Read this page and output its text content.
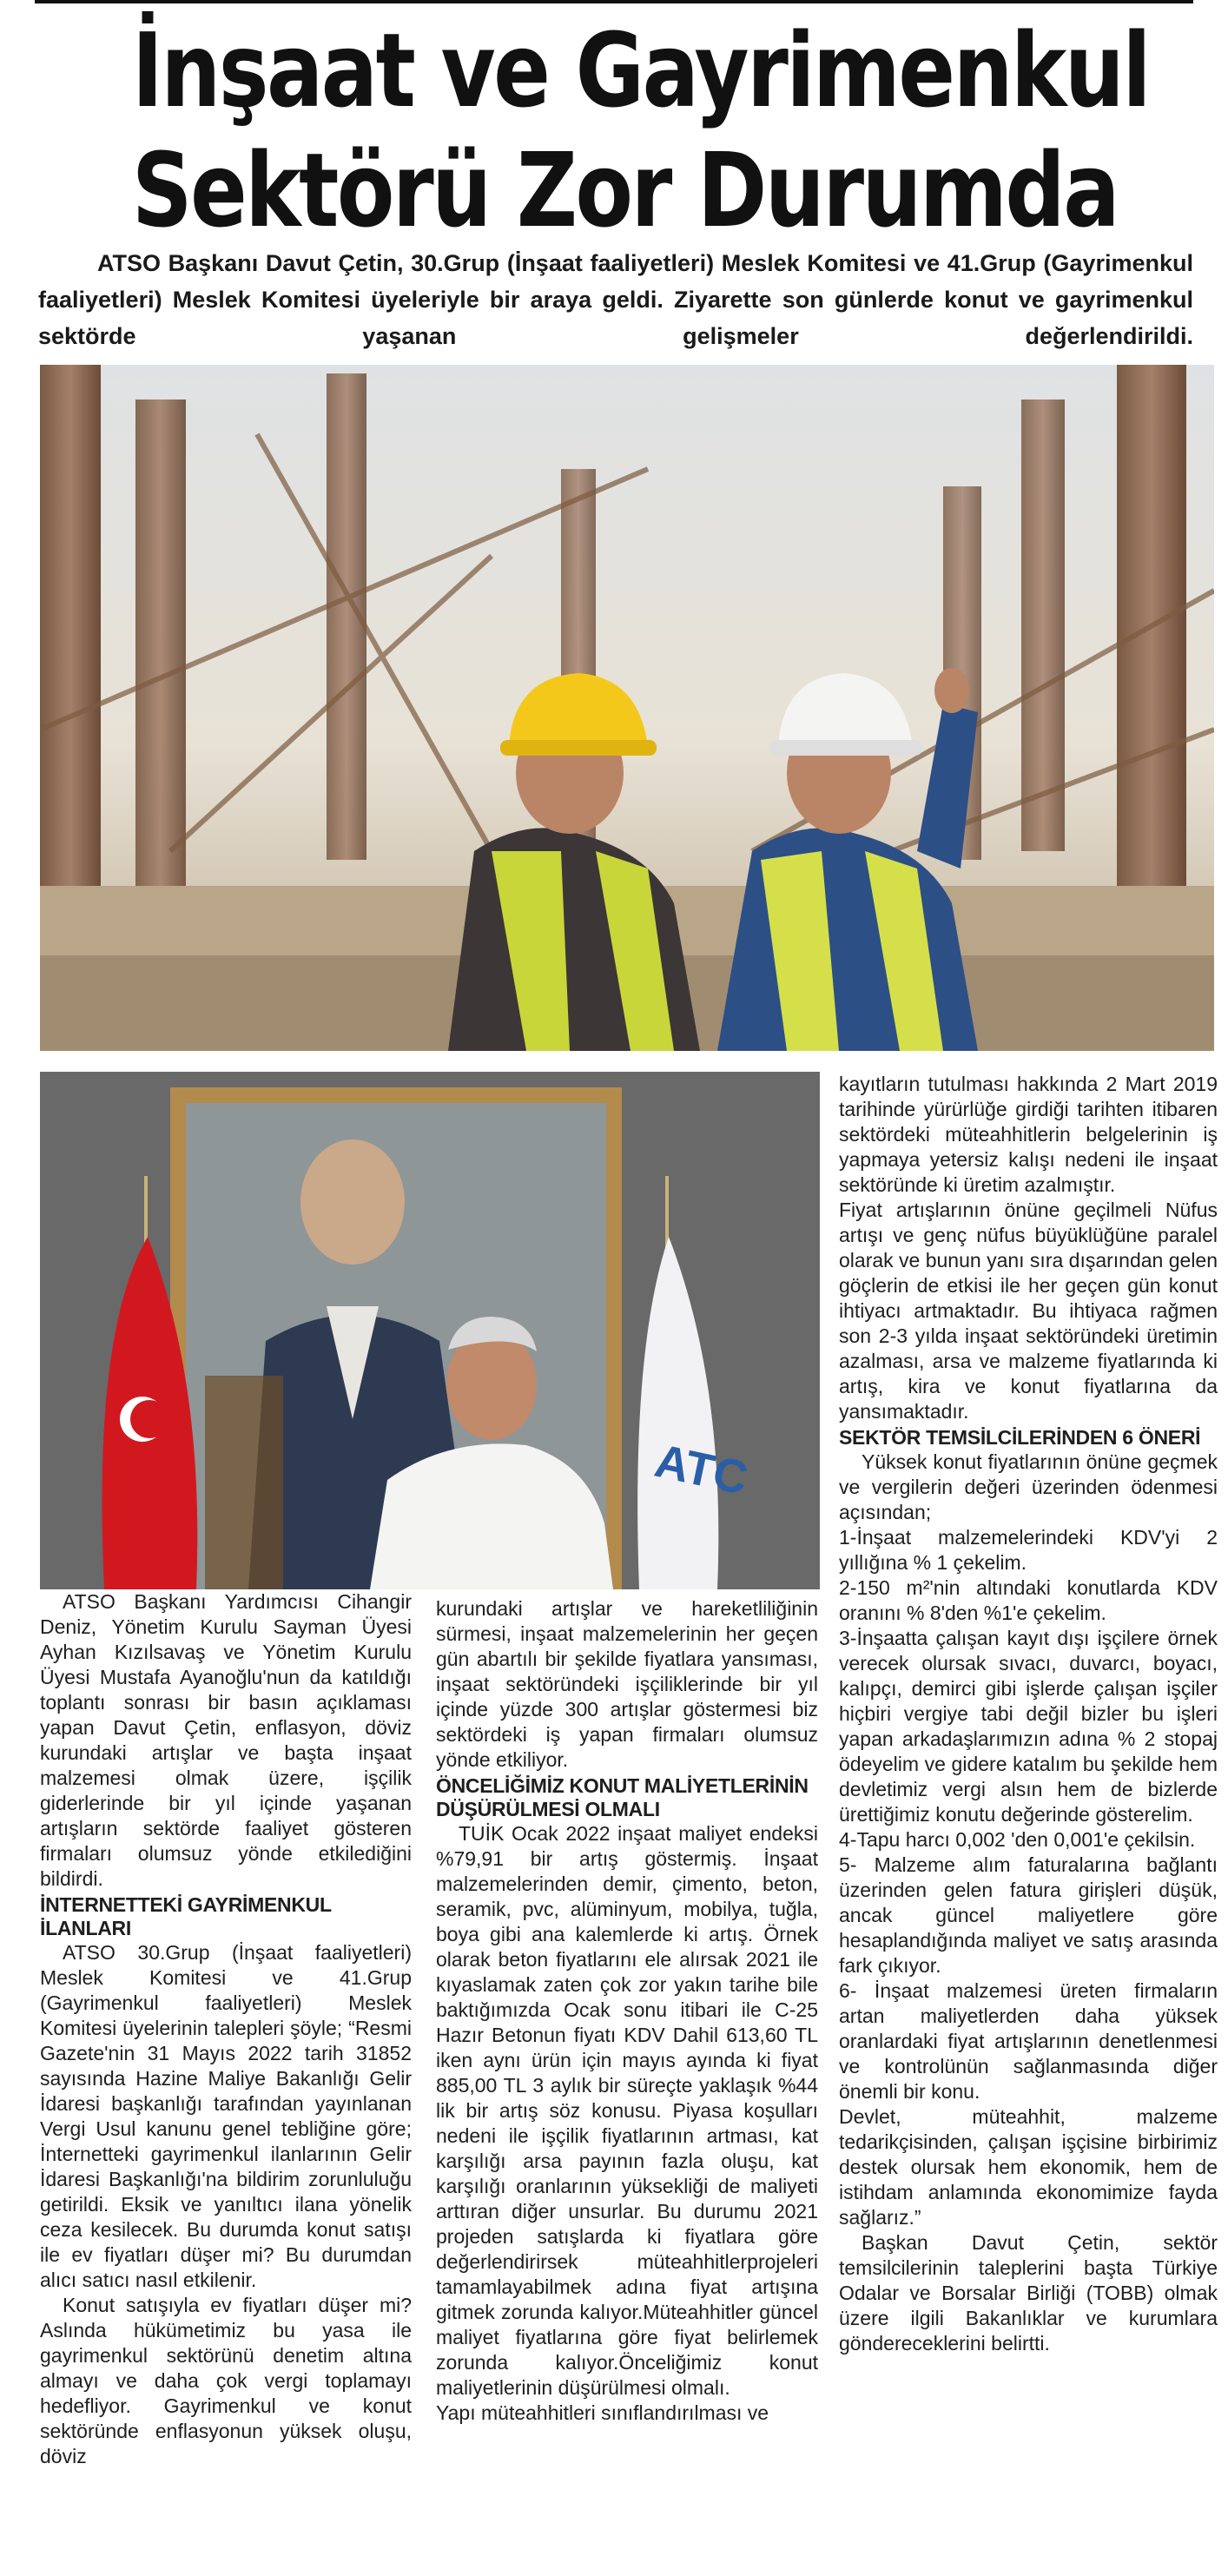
İnşaat ve Gayrimenkul
Sektörü Zor Durumda

ATSO Başkanı Davut Çetin, 30.Grup (İnşaat faaliyetleri) Meslek Komitesi ve 41.Grup (Gayrimenkul faaliyetleri) Meslek Komitesi üyeleriyle bir araya geldi. Ziyarette son günlerde konut ve gayrimenkul sektörde yaşanan gelişmeler değerlendirildi.

ATC

ATSO Başkanı Yardımcısı Cihangir Deniz, Yönetim Kurulu Sayman Üyesi Ayhan Kızılsavaş ve Yönetim Kurulu Üyesi Mustafa Ayanoğlu'nun da katıldığı toplantı sonrası bir basın açıklaması yapan Davut Çetin, enflasyon, döviz kurundaki artışlar ve başta inşaat malzemesi olmak üzere, işçilik giderlerinde bir yıl içinde yaşanan artışların sektörde faaliyet gösteren firmaları olumsuz yönde etkilediğini bildirdi.

İNTERNETTEKİ GAYRİMENKUL İLANLARI

ATSO 30.Grup (İnşaat faaliyetleri) Meslek Komitesi ve 41.Grup (Gayrimenkul faaliyetleri) Meslek Komitesi üyelerinin talepleri şöyle; “Resmi Gazete'nin 31 Mayıs 2022 tarih 31852 sayısında Hazine Maliye Bakanlığı Gelir İdaresi başkanlığı tarafından yayınlanan Vergi Usul kanunu genel tebliğine göre; İnternetteki gayrimenkul ilanlarının Gelir İdaresi Başkanlığı'na bildirim zorunluluğu getirildi. Eksik ve yanıltıcı ilana yönelik ceza kesilecek. Bu durumda konut satışı ile ev fiyatları düşer mi? Bu durumdan alıcı satıcı nasıl etkilenir.

Konut satışıyla ev fiyatları düşer mi? Aslında hükümetimiz bu yasa ile gayrimenkul sektörünü denetim altına almayı ve daha çok vergi toplamayı hedefliyor. Gayrimenkul ve konut sektöründe enflasyonun yüksek oluşu, döviz

kurundaki artışlar ve hareketliliğinin sürmesi, inşaat malzemelerinin her geçen gün abartılı bir şekilde fiyatlara yansıması, inşaat sektöründeki işçiliklerinde bir yıl içinde yüzde 300 artışlar göstermesi biz sektördeki iş yapan firmaları olumsuz yönde etkiliyor.

ÖNCELİĞİMİZ KONUT MALİYETLERİNİN DÜŞÜRÜLMESİ OLMALI

TUİK Ocak 2022 inşaat maliyet endeksi %79,91 bir artış göstermiş. İnşaat malzemelerinden demir, çimento, beton, seramik, pvc, alüminyum, mobilya, tuğla, boya gibi ana kalemlerde ki artış. Örnek olarak beton fiyatlarını ele alırsak 2021 ile kıyaslamak zaten çok zor yakın tarihe bile baktığımızda Ocak sonu itibari ile C-25 Hazır Betonun fiyatı KDV Dahil 613,60 TL iken aynı ürün için mayıs ayında ki fiyat 885,00 TL 3 aylık bir süreçte yaklaşık %44 lik bir artış söz konusu. Piyasa koşulları nedeni ile işçilik fiyatlarının artması, kat karşılığı arsa payının fazla oluşu, kat karşılığı oranlarının yüksekliği de maliyeti arttıran diğer unsurlar. Bu durumu 2021 projeden satışlarda ki fiyatlara göre değerlendirirsek müteahhitlerprojeleri tamamlayabilmek adına fiyat artışına gitmek zorunda kalıyor.Müteahhitler güncel maliyet fiyatlarına göre fiyat belirlemek zorunda kalıyor.Önceliğimiz konut maliyetlerinin düşürülmesi olmalı.

Yapı müteahhitleri sınıflandırılması ve

kayıtların tutulması hakkında 2 Mart 2019 tarihinde yürürlüğe girdiği tarihten itibaren sektördeki müteahhitlerin belgelerinin iş yapmaya yetersiz kalışı nedeni ile inşaat sektöründe ki üretim azalmıştır.

Fiyat artışlarının önüne geçilmeli Nüfus artışı ve genç nüfus büyüklüğüne paralel olarak ve bunun yanı sıra dışarından gelen göçlerin de etkisi ile her geçen gün konut ihtiyacı artmaktadır. Bu ihtiyaca rağmen son 2-3 yılda inşaat sektöründeki üretimin azalması, arsa ve malzeme fiyatlarında ki artış, kira ve konut fiyatlarına da yansımaktadır.

SEKTÖR TEMSİLCİLERİNDEN 6 ÖNERİ

Yüksek konut fiyatlarının önüne geçmek ve vergilerin değeri üzerinden ödenmesi açısından;

1-İnşaat malzemelerindeki KDV'yi 2 yıllığına % 1 çekelim.

2-150 m²'nin altındaki konutlarda KDV oranını % 8'den %1'e çekelim.

3-İnşaatta çalışan kayıt dışı işçilere örnek verecek olursak sıvacı, duvarcı, boyacı, kalıpçı, demirci gibi işlerde çalışan işçiler hiçbiri vergiye tabi değil bizler bu işleri yapan arkadaşlarımızın adına % 2 stopaj ödeyelim ve gidere katalım bu şekilde hem devletimiz vergi alsın hem de bizlerde ürettiğimiz konutu değerinde gösterelim.

4-Tapu harcı 0,002 'den 0,001'e çekilsin.

5- Malzeme alım faturalarına bağlantı üzerinden gelen fatura girişleri düşük, ancak güncel maliyetlere göre hesaplandığında maliyet ve satış arasında fark çıkıyor.

6- İnşaat malzemesi üreten firmaların artan maliyetlerden daha yüksek oranlardaki fiyat artışlarının denetlenmesi ve kontrolünün sağlanmasında diğer önemli bir konu.

Devlet, müteahhit, malzeme tedarikçisinden, çalışan işçisine birbirimiz destek olursak hem ekonomik, hem de istihdam anlamında ekonomimize fayda sağlarız.”

Başkan Davut Çetin, sektör temsilcilerinin taleplerini başta Türkiye Odalar ve Borsalar Birliği (TOBB) olmak üzere ilgili Bakanlıklar ve kurumlara göndereceklerini belirtti.
